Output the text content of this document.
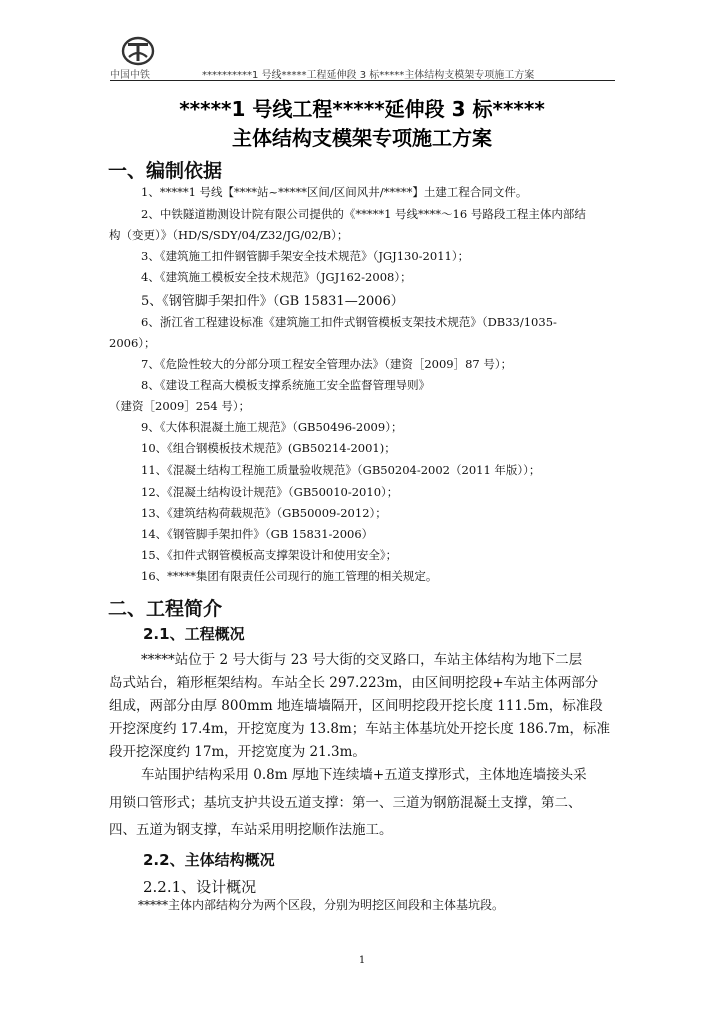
中国中铁	**********1 号线*****工程延伸段 3 标*****主体结构支模架专项施工方案
*****1 号线工程*****延伸段 3 标*****
主体结构支模架专项施工方案
一、编制依据
1、*****1 号线【****站~*****区间/区间风井/*****】土建工程合同文件。
2、中铁隧道勘测设计院有限公司提供的《*****1 号线****～16 号路段工程主体内部结
构（变更）》（HD/S/SDY/04/Z32/JG/02/B）；
3、《建筑施工扣件钢管脚手架安全技术规范》（JGJ130-2011）；
4、《建筑施工模板安全技术规范》（JGJ162-2008）；
5、《钢管脚手架扣件》（GB 15831—2006）
6、浙江省工程建设标准《建筑施工扣件式钢管模板支架技术规范》（DB33/1035-
2006）；
7、《危险性较大的分部分项工程安全管理办法》（建资［2009］87 号）；
8、《建设工程高大模板支撑系统施工安全监督管理导则》
（建资［2009］254 号）；
9、《大体积混凝土施工规范》（GB50496-2009）；
10、《组合钢模板技术规范》(GB50214-2001)；
11、《混凝土结构工程施工质量验收规范》（GB50204-2002（2011 年版））；
12、《混凝土结构设计规范》（GB50010-2010）；
13、《建筑结构荷载规范》（GB50009-2012）；
14、《钢管脚手架扣件》（GB 15831-2006）
15、《扣件式钢管模板高支撑架设计和使用安全》；
16、*****集团有限责任公司现行的施工管理的相关规定。
二、工程简介
2.1、工程概况
*****站位于 2 号大街与 23 号大街的交叉路口，车站主体结构为地下二层
岛式站台，箱形框架结构。车站全长 297.223m，由区间明挖段+车站主体两部分
组成，两部分由厚 800mm 地连墙墙隔开，区间明挖段开挖长度 111.5m，标准段
开挖深度约 17.4m，开挖宽度为 13.8m；车站主体基坑处开挖长度 186.7m，标准
段开挖深度约 17m，开挖宽度为 21.3m。
车站围护结构采用 0.8m 厚地下连续墙+五道支撑形式，主体地连墙接头采
用锁口管形式；基坑支护共设五道支撑：第一、三道为钢筋混凝土支撑，第二、
四、五道为钢支撑，车站采用明挖顺作法施工。
2.2、主体结构概况
2.2.1、设计概况
*****主体内部结构分为两个区段，分别为明挖区间段和主体基坑段。
1
